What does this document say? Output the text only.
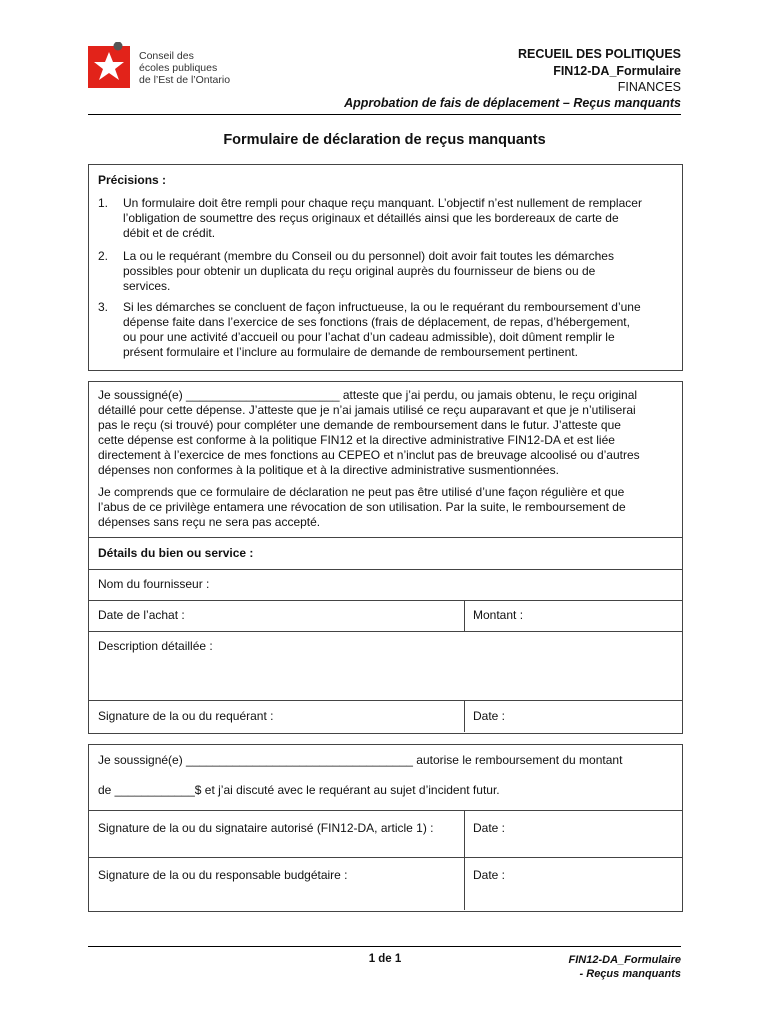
Conseil des
écoles publiques
de l’Est de l’Ontario
RECUEIL DES POLITIQUES
FIN12-DA_Formulaire
FINANCES
Approbation de fais de déplacement – Reçus manquants
Formulaire de déclaration de reçus manquants
Précisions :
1. Un formulaire doit être rempli pour chaque reçu manquant. L’objectif n’est nullement de remplacer
l’obligation de soumettre des reçus originaux et détaillés ainsi que les bordereaux de carte de
débit et de crédit.
2. La ou le requérant (membre du Conseil ou du personnel) doit avoir fait toutes les démarches
possibles pour obtenir un duplicata du reçu original auprès du fournisseur de biens ou de
services.
3. Si les démarches se concluent de façon infructueuse, la ou le requérant du remboursement d’une
dépense faite dans l’exercice de ses fonctions (frais de déplacement, de repas, d’hébergement,
ou pour une activité d’accueil ou pour l’achat d’un cadeau admissible), doit dûment remplir le
présent formulaire et l’inclure au formulaire de demande de remboursement pertinent.
Je soussigné(e) _______________________ atteste que j’ai perdu, ou jamais obtenu, le reçu original
détaillé pour cette dépense. J’atteste que je n’ai jamais utilisé ce reçu auparavant et que je n’utiliserai
pas le reçu (si trouvé) pour compléter une demande de remboursement dans le futur. J’atteste que
cette dépense est conforme à la politique FIN12 et la directive administrative FIN12-DA et est liée
directement à l’exercice de mes fonctions au CEPEO et n’inclut pas de breuvage alcoolisé ou d’autres
dépenses non conformes à la politique et à la directive administrative susmentionnées.
Je comprends que ce formulaire de déclaration ne peut pas être utilisé d’une façon régulière et que
l’abus de ce privilège entamera une révocation de son utilisation. Par la suite, le remboursement de
dépenses sans reçu ne sera pas accepté.
Détails du bien ou service :
Nom du fournisseur :
Date de l’achat :	Montant :
Description détaillée :
Signature de la ou du requérant :	Date :
Je soussigné(e) __________________________________ autorise le remboursement du montant
de ____________$ et j’ai discuté avec le requérant au sujet d’incident futur.
Signature de la ou du signataire autorisé (FIN12-DA, article 1) :	Date :
Signature de la ou du responsable budgétaire :	Date :
1 de 1	FIN12-DA_Formulaire
- Reçus manquants
